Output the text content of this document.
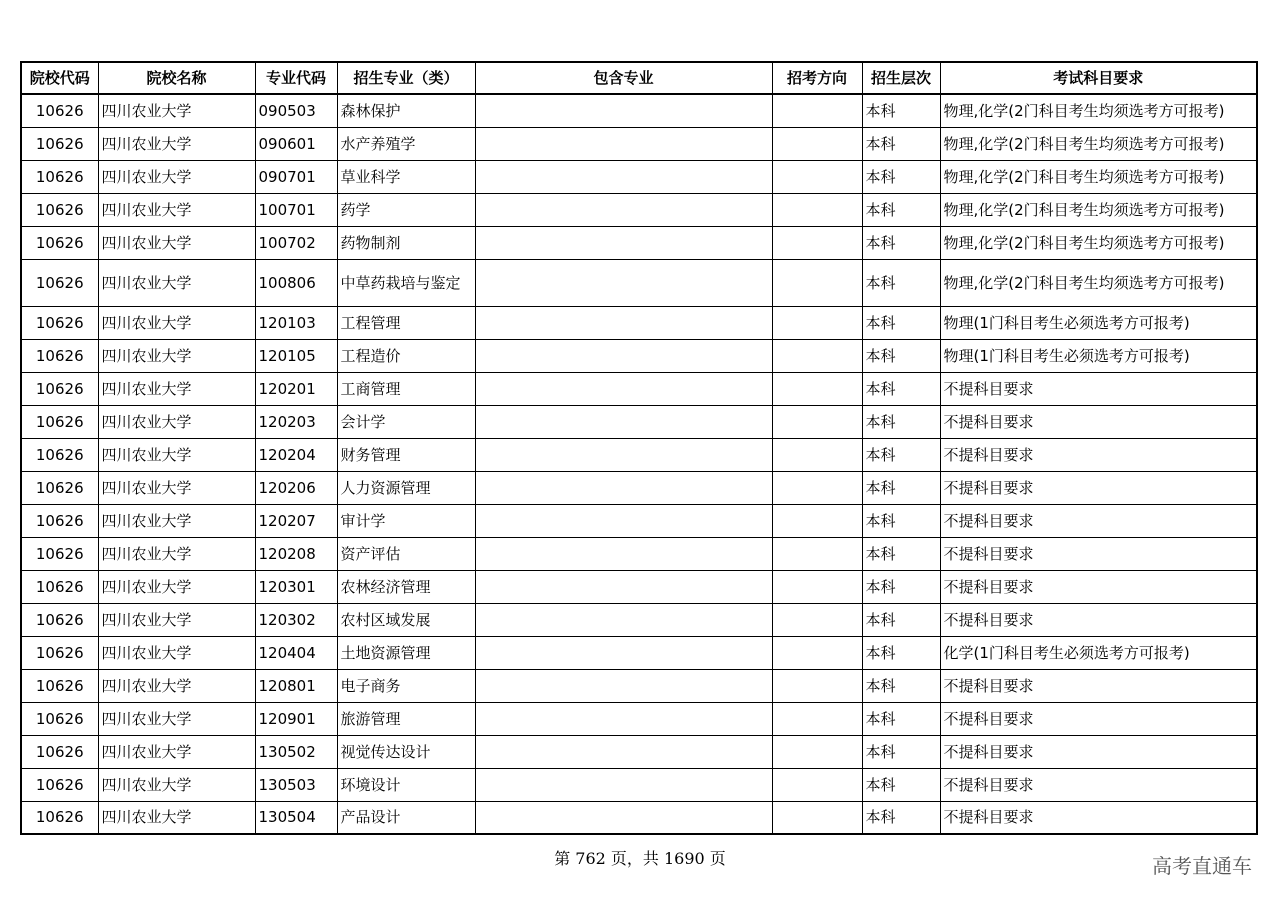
院校代码	院校名称	专业代码	招生专业（类）	包含专业	招考方向	招生层次	考试科目要求
10626	四川农业大学	090503	森林保护			本科	物理,化学(2门科目考生均须选考方可报考)
10626	四川农业大学	090601	水产养殖学			本科	物理,化学(2门科目考生均须选考方可报考)
10626	四川农业大学	090701	草业科学			本科	物理,化学(2门科目考生均须选考方可报考)
10626	四川农业大学	100701	药学			本科	物理,化学(2门科目考生均须选考方可报考)
10626	四川农业大学	100702	药物制剂			本科	物理,化学(2门科目考生均须选考方可报考)
10626	四川农业大学	100806	中草药栽培与鉴定			本科	物理,化学(2门科目考生均须选考方可报考)
10626	四川农业大学	120103	工程管理			本科	物理(1门科目考生必须选考方可报考)
10626	四川农业大学	120105	工程造价			本科	物理(1门科目考生必须选考方可报考)
10626	四川农业大学	120201	工商管理			本科	不提科目要求
10626	四川农业大学	120203	会计学			本科	不提科目要求
10626	四川农业大学	120204	财务管理			本科	不提科目要求
10626	四川农业大学	120206	人力资源管理			本科	不提科目要求
10626	四川农业大学	120207	审计学			本科	不提科目要求
10626	四川农业大学	120208	资产评估			本科	不提科目要求
10626	四川农业大学	120301	农林经济管理			本科	不提科目要求
10626	四川农业大学	120302	农村区域发展			本科	不提科目要求
10626	四川农业大学	120404	土地资源管理			本科	化学(1门科目考生必须选考方可报考)
10626	四川农业大学	120801	电子商务			本科	不提科目要求
10626	四川农业大学	120901	旅游管理			本科	不提科目要求
10626	四川农业大学	130502	视觉传达设计			本科	不提科目要求
10626	四川农业大学	130503	环境设计			本科	不提科目要求
10626	四川农业大学	130504	产品设计			本科	不提科目要求
第 762 页，共 1690 页	高考直通车
